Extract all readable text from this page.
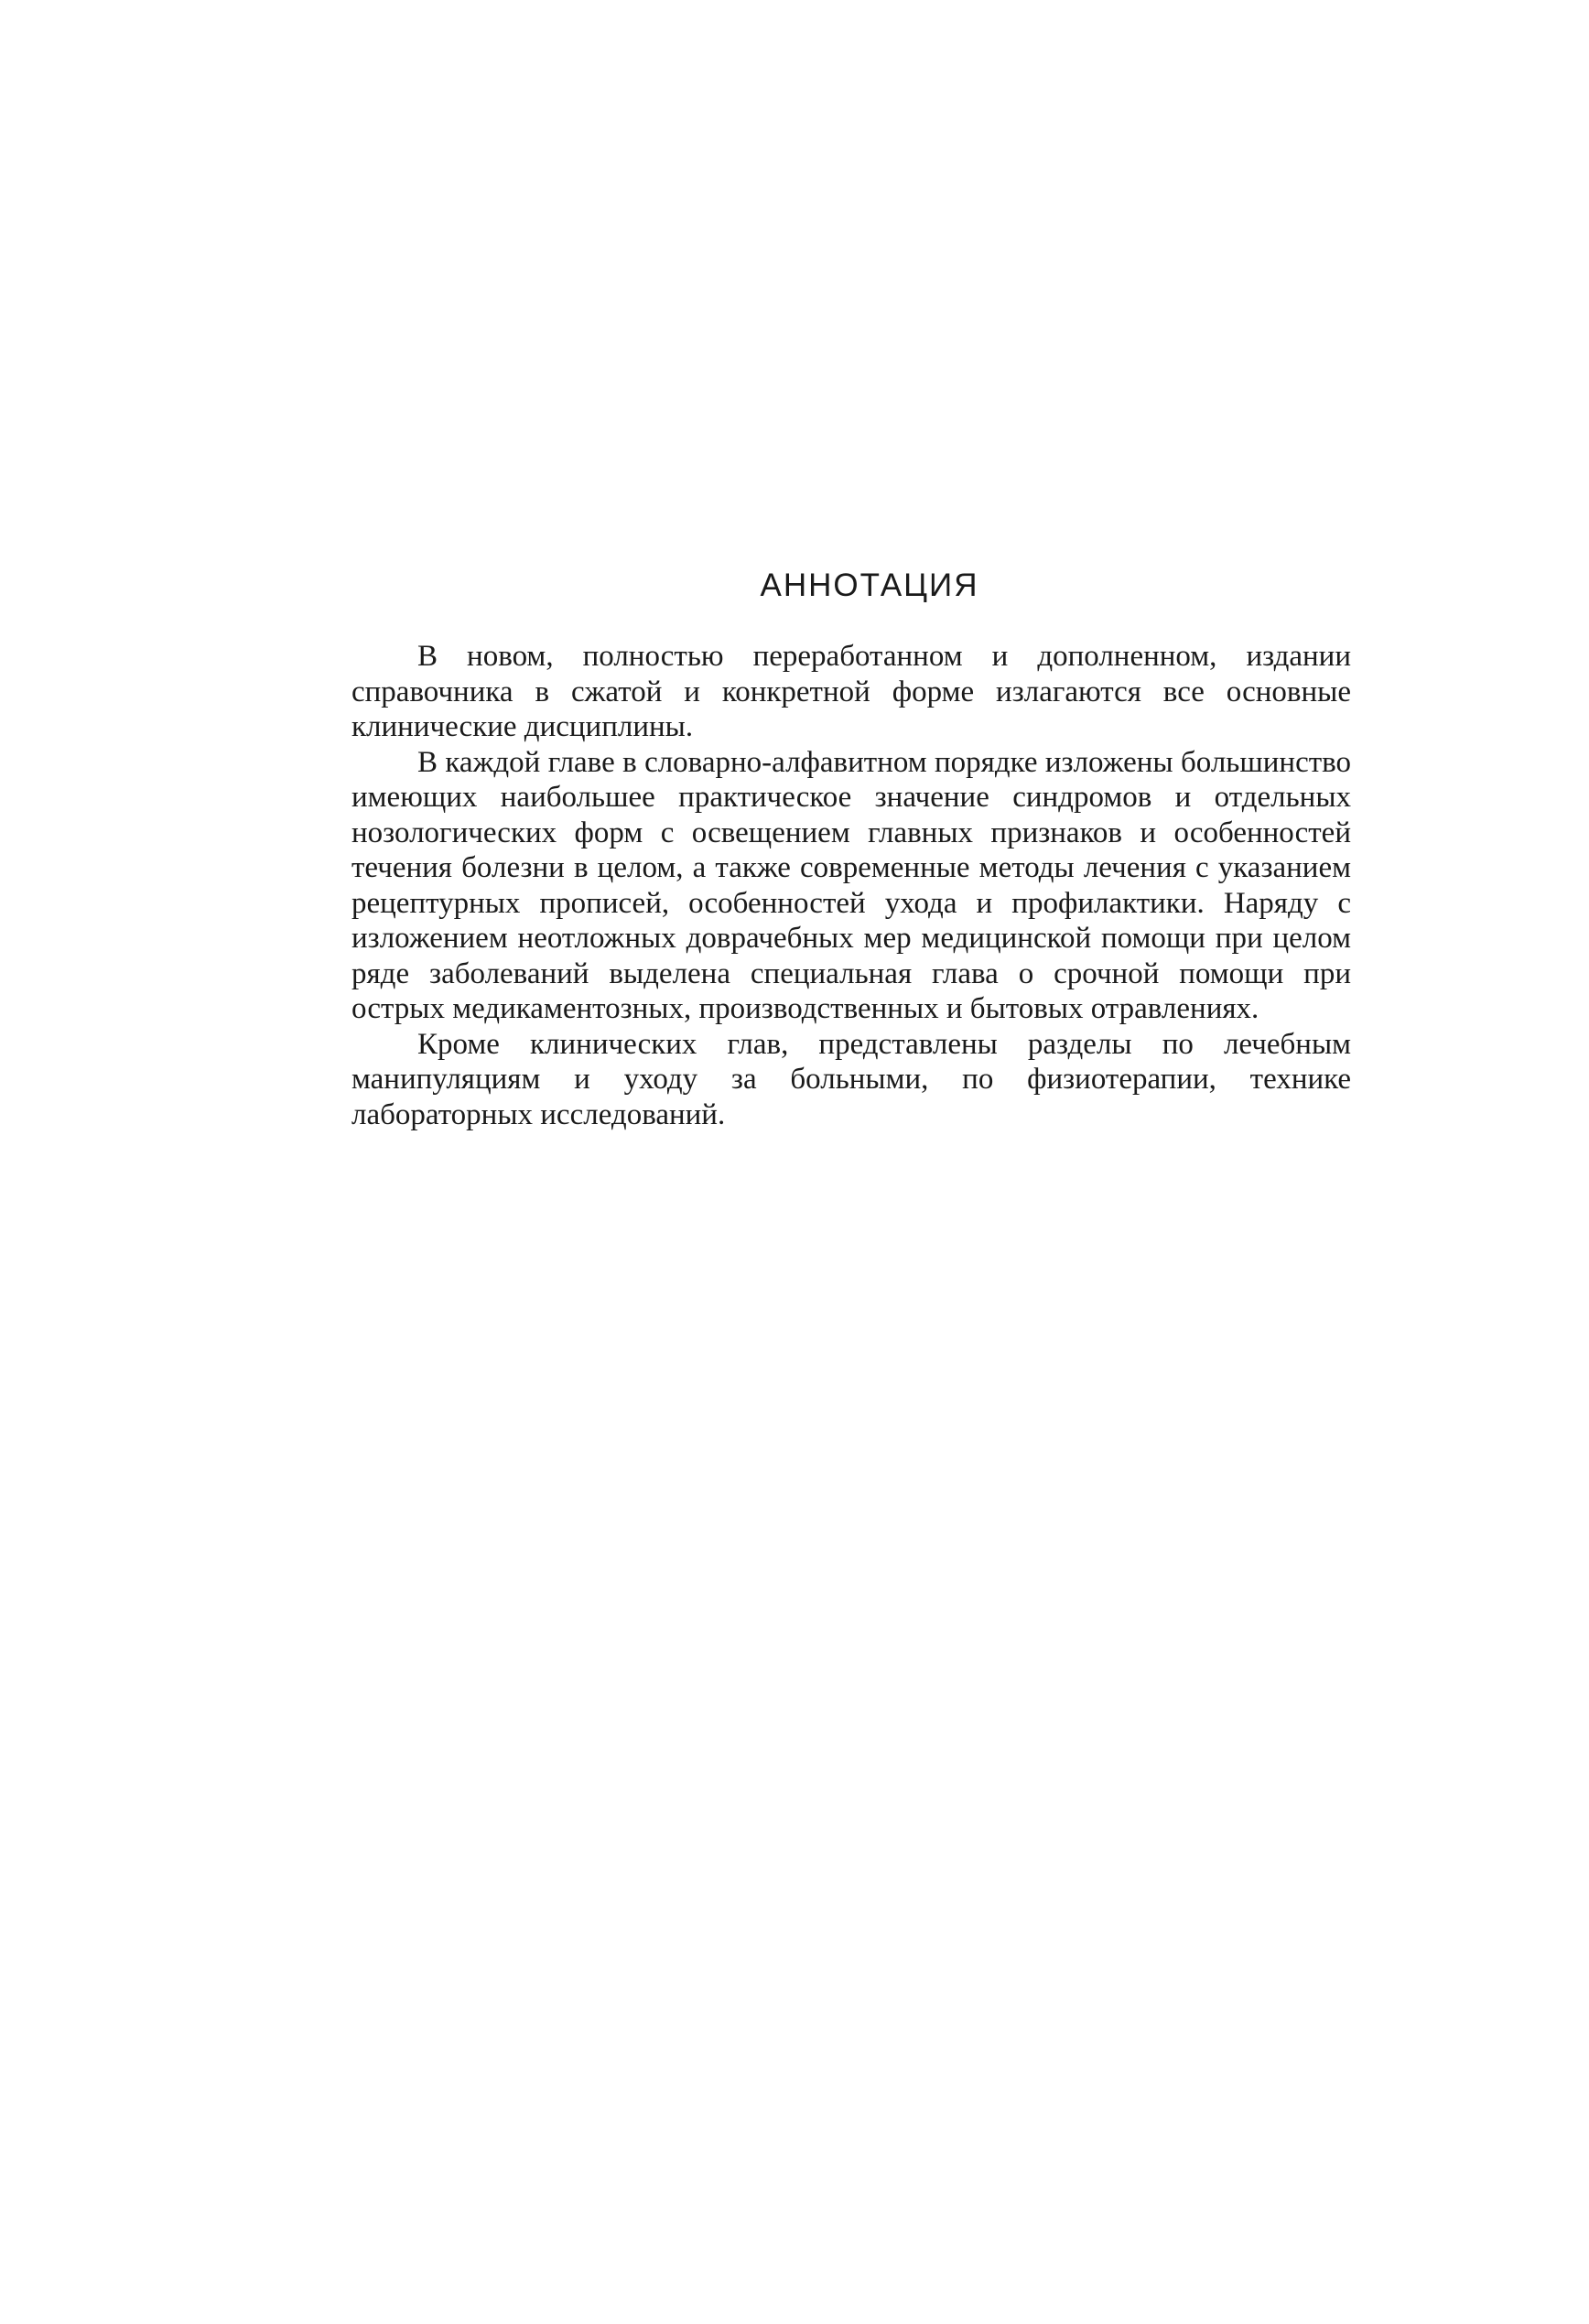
АННОТАЦИЯ

В новом, полностью переработанном и дополненном, издании справочника в сжатой и конкретной форме излагаются все основные клинические дисциплины.

В каждой главе в словарно-алфавитном порядке изложены большинство имеющих наибольшее практическое значение синдромов и отдельных нозологических форм с освещением главных признаков и особенностей течения болезни в целом, а также современные методы лечения с указанием рецептурных прописей, особенностей ухода и профилактики. Наряду с изложением неотложных доврачебных мер медицинской помощи при целом ряде заболеваний выделена специальная глава о срочной помощи при острых медикаментозных, производственных и бытовых отравлениях.

Кроме клинических глав, представлены разделы по лечебным манипуляциям и уходу за больными, по физиотерапии, технике лабораторных исследований.
